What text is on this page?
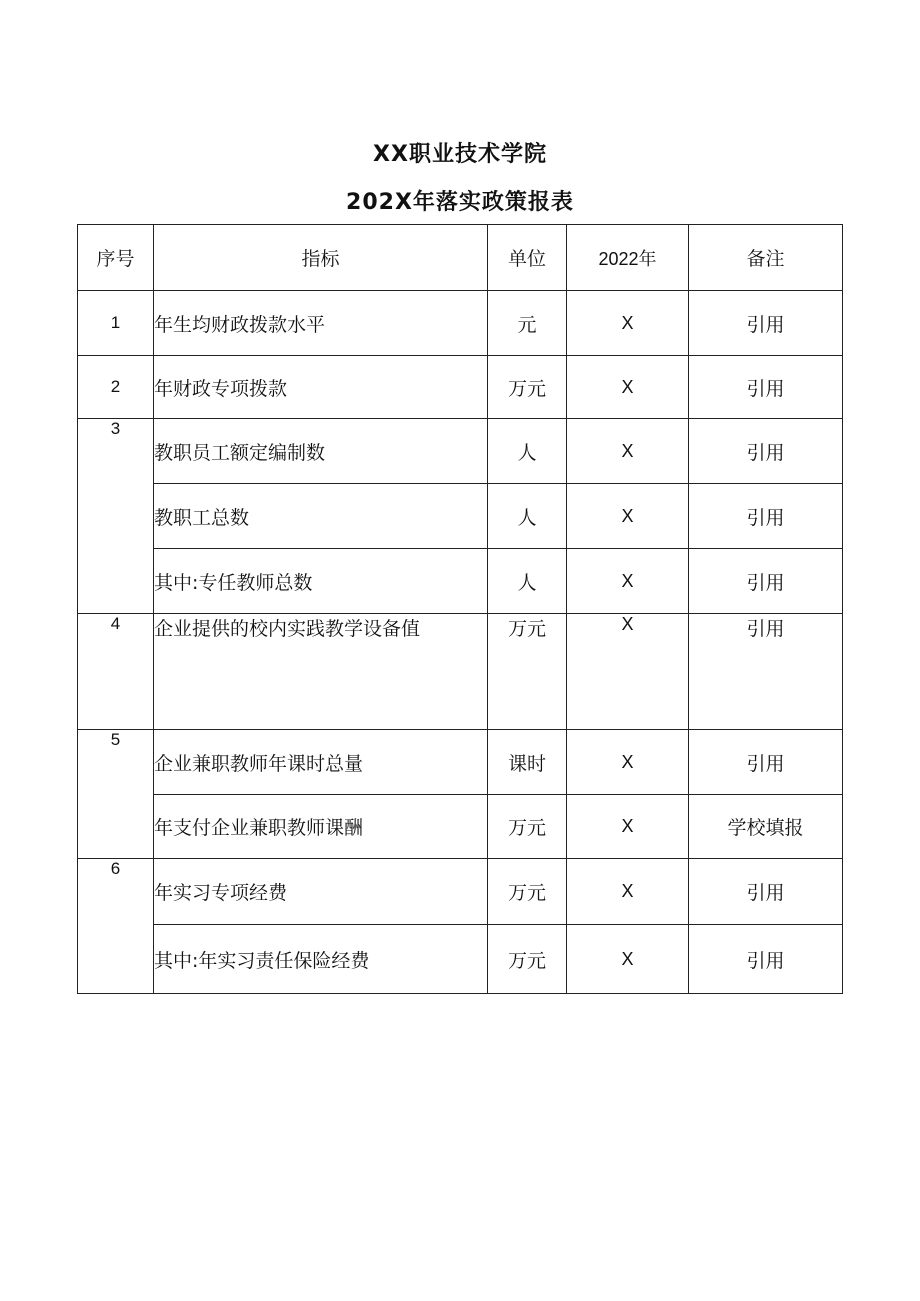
XX职业技术学院
202X年落实政策报表
序号	指标	单位	2022年	备注
1	年生均财政拨款水平	元	X	引用
2	年财政专项拨款	万元	X	引用
3	教职员工额定编制数	人	X	引用
	教职工总数	人	X	引用
	其中:专任教师总数	人	X	引用
4	企业提供的校内实践教学设备值	万元	X	引用
5	企业兼职教师年课时总量	课时	X	引用
	年支付企业兼职教师课酬	万元	X	学校填报
6	年实习专项经费	万元	X	引用
	其中:年实习责任保险经费	万元	X	引用
